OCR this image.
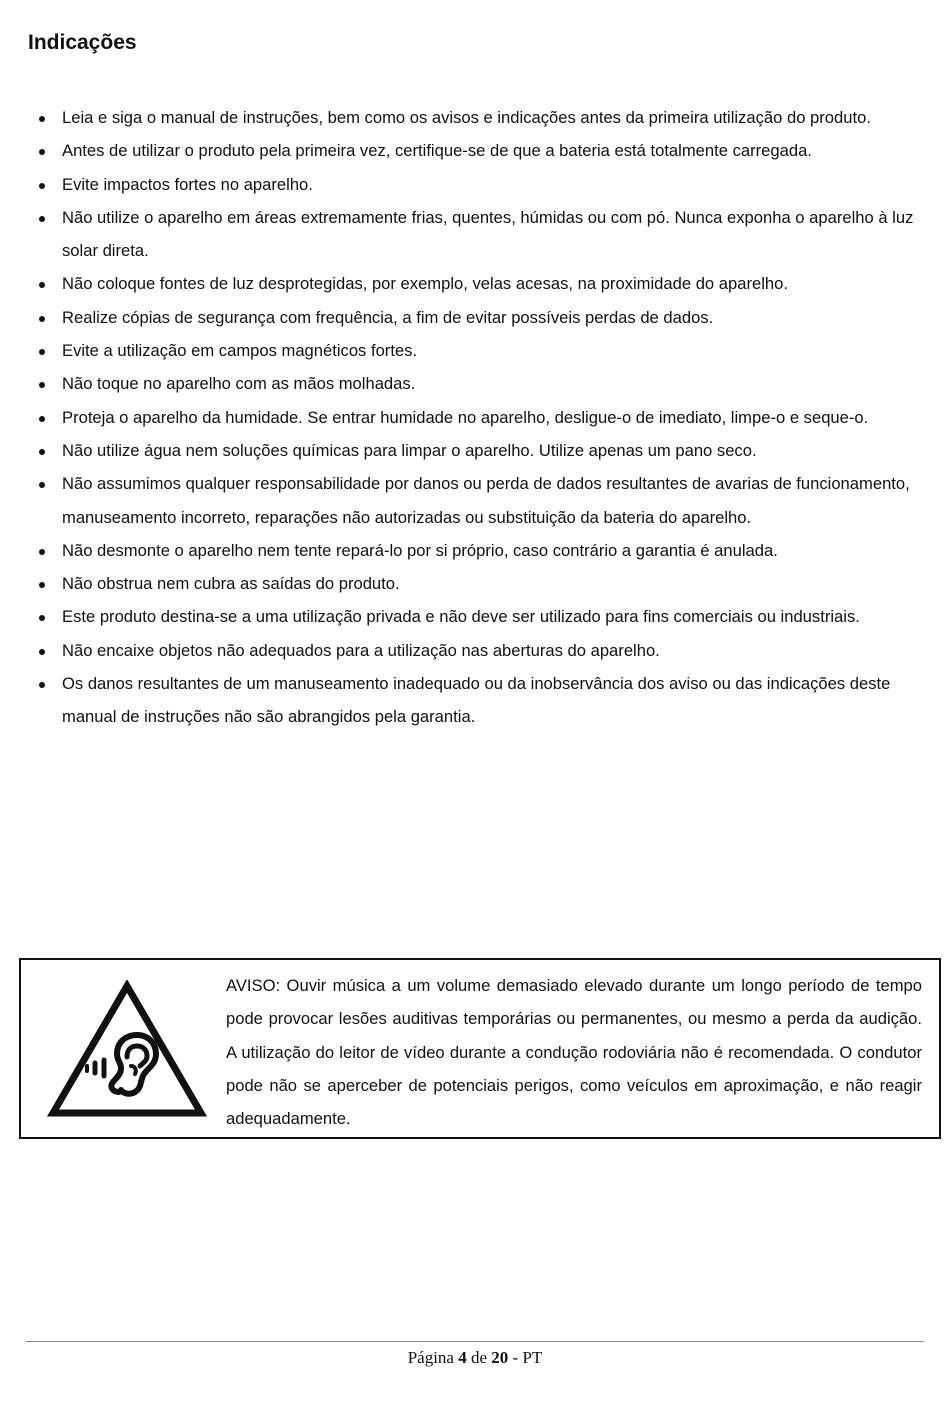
Indicações
Leia e siga o manual de instruções, bem como os avisos e indicações antes da primeira utilização do produto.
Antes de utilizar o produto pela primeira vez, certifique-se de que a bateria está totalmente carregada.
Evite impactos fortes no aparelho.
Não utilize o aparelho em áreas extremamente frias, quentes, húmidas ou com pó. Nunca exponha o aparelho à luz solar direta.
Não coloque fontes de luz desprotegidas, por exemplo, velas acesas, na proximidade do aparelho.
Realize cópias de segurança com frequência, a fim de evitar possíveis perdas de dados.
Evite a utilização em campos magnéticos fortes.
Não toque no aparelho com as mãos molhadas.
Proteja o aparelho da humidade. Se entrar humidade no aparelho, desligue-o de imediato, limpe-o e seque-o.
Não utilize água nem soluções químicas para limpar o aparelho. Utilize apenas um pano seco.
Não assumimos qualquer responsabilidade por danos ou perda de dados resultantes de avarias de funcionamento, manuseamento incorreto, reparações não autorizadas ou substituição da bateria do aparelho.
Não desmonte o aparelho nem tente repará-lo por si próprio, caso contrário a garantia é anulada.
Não obstrua nem cubra as saídas do produto.
Este produto destina-se a uma utilização privada e não deve ser utilizado para fins comerciais ou industriais.
Não encaixe objetos não adequados para a utilização nas aberturas do aparelho.
Os danos resultantes de um manuseamento inadequado ou da inobservância dos aviso ou das indicações deste manual de instruções não são abrangidos pela garantia.

AVISO: Ouvir música a um volume demasiado elevado durante um longo período de tempo pode provocar lesões auditivas temporárias ou permanentes, ou mesmo a perda da audição. A utilização do leitor de vídeo durante a condução rodoviária não é recomendada. O condutor pode não se aperceber de potenciais perigos, como veículos em aproximação, e não reagir adequadamente.

Página 4 de 20 - PT
